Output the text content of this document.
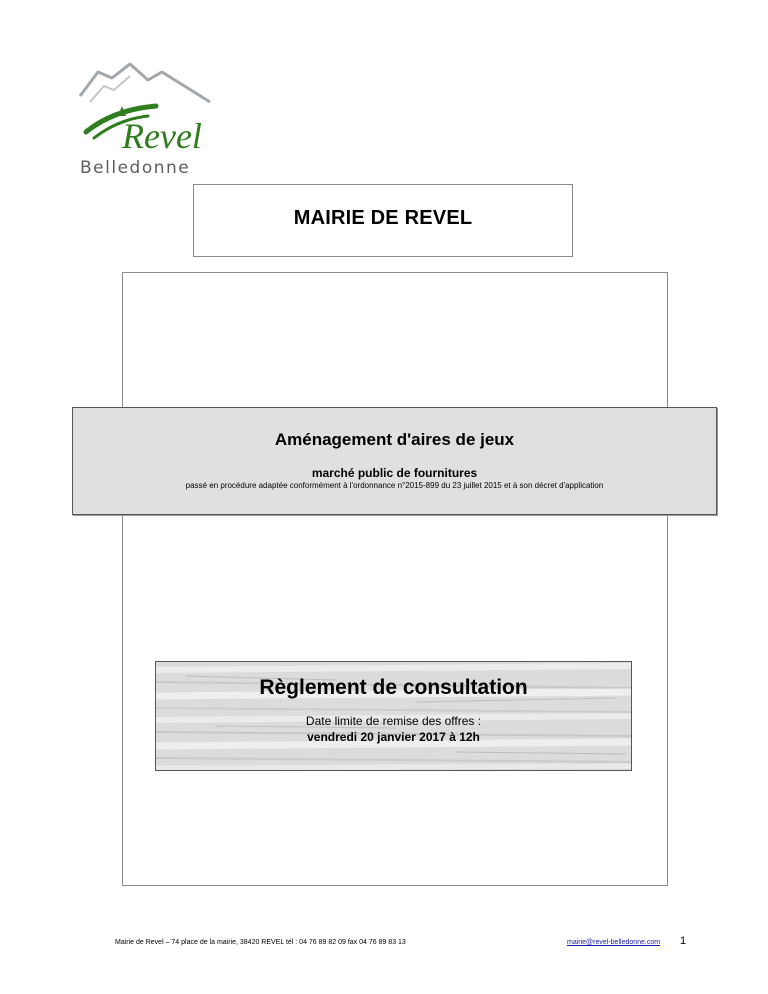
Revel
Belledonne
MAIRIE DE REVEL
Aménagement d'aires de jeux
marché public de fournitures
passé en procédure adaptée conformément à l'ordonnance n°2015-899 du 23 juillet 2015 et à son décret d'application
Règlement de consultation
Date limite de remise des offres :
vendredi 20 janvier 2017 à 12h
Mairie de Revel – 74 place de la mairie, 38420 REVEL tél : 04 76 89 82 09 fax 04 76 89 83 13	mairie@revel-belledonne.com 1
